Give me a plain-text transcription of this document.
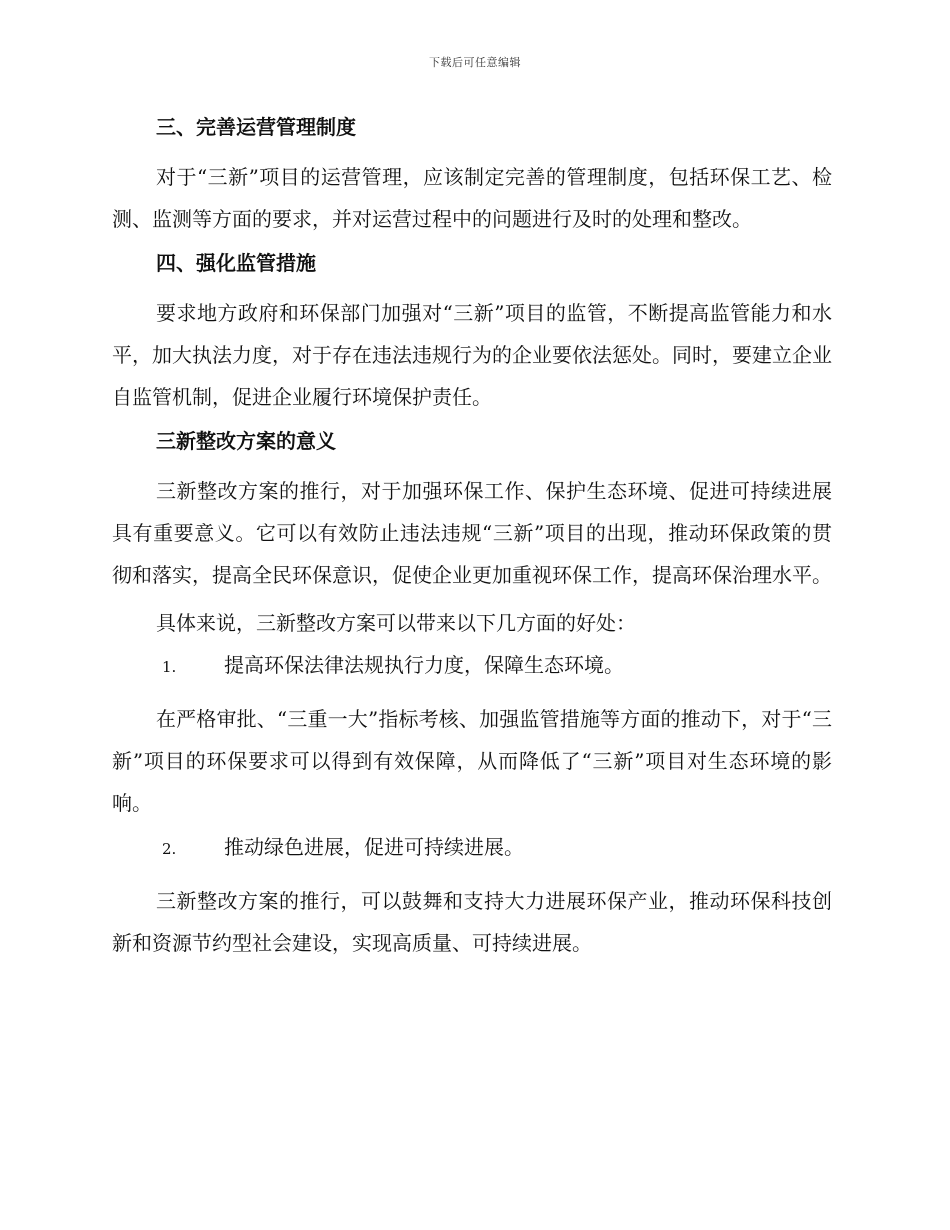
下载后可任意编辑
三、完善运营管理制度

对于“三新”项目的运营管理，应该制定完善的管理制度，包括环保工艺、检测、监测等方面的要求，并对运营过程中的问题进行及时的处理和整改。

四、强化监管措施

要求地方政府和环保部门加强对“三新”项目的监管，不断提高监管能力和水平，加大执法力度，对于存在违法违规行为的企业要依法惩处。同时，要建立企业自监管机制，促进企业履行环境保护责任。

三新整改方案的意义

三新整改方案的推行，对于加强环保工作、保护生态环境、促进可持续进展具有重要意义。它可以有效防止违法违规“三新”项目的出现，推动环保政策的贯彻和落实，提高全民环保意识，促使企业更加重视环保工作，提高环保治理水平。

具体来说，三新整改方案可以带来以下几方面的好处：

1. 提高环保法律法规执行力度，保障生态环境。

在严格审批、“三重一大”指标考核、加强监管措施等方面的推动下，对于“三新”项目的环保要求可以得到有效保障，从而降低了“三新”项目对生态环境的影响。

2. 推动绿色进展，促进可持续进展。

三新整改方案的推行，可以鼓舞和支持大力进展环保产业，推动环保科技创新和资源节约型社会建设，实现高质量、可持续进展。
